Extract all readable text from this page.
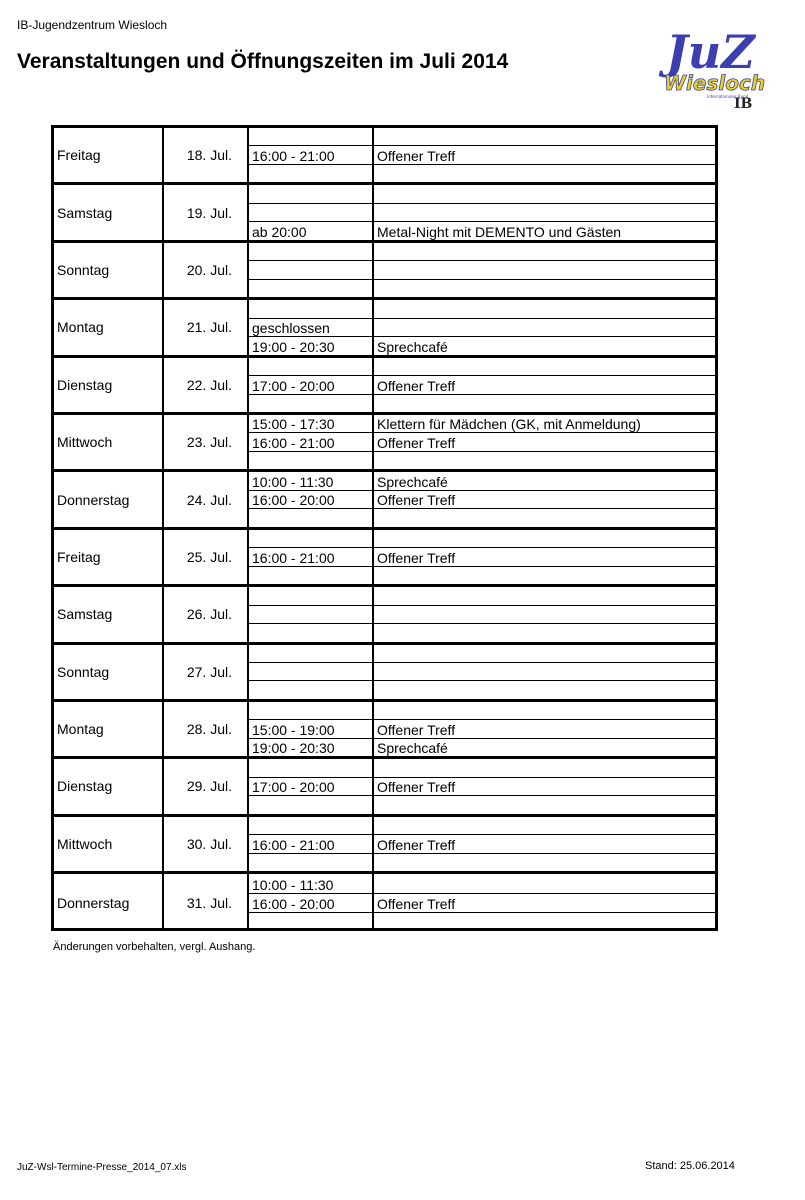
IB-Jugendzentrum Wiesloch
Veranstaltungen und Öffnungszeiten im Juli 2014	JuZ
Wiesloch
Internationaler Bund
IB
Freitag	18. Jul.	16:00 - 21:00	Offener Treff
Samstag	19. Jul.
ab 20:00	Metal-Night mit DEMENTO und Gästen
Sonntag	20. Jul.
Montag	21. Jul.	geschlossen
19:00 - 20:30	Sprechcafé
Dienstag	22. Jul.	17:00 - 20:00	Offener Treff
Mittwoch	23. Jul.
15:00 - 17:30	Klettern für Mädchen (GK, mit Anmeldung)
16:00 - 21:00	Offener Treff
Donnerstag	24. Jul.
10:00 - 11:30	Sprechcafé
16:00 - 20:00	Offener Treff
Freitag	25. Jul.	16:00 - 21:00	Offener Treff
Samstag	26. Jul.
Sonntag	27. Jul.
Montag	28. Jul.	15:00 - 19:00	Offener Treff
19:00 - 20:30	Sprechcafé
Dienstag	29. Jul.	17:00 - 20:00	Offener Treff
Mittwoch	30. Jul.	16:00 - 21:00	Offener Treff
Donnerstag	31. Jul.
10:00 - 11:30
16:00 - 20:00	Offener Treff
Änderungen vorbehalten, vergl. Aushang.
JuZ-Wsl-Termine-Presse_2014_07.xls	Stand: 25.06.2014
